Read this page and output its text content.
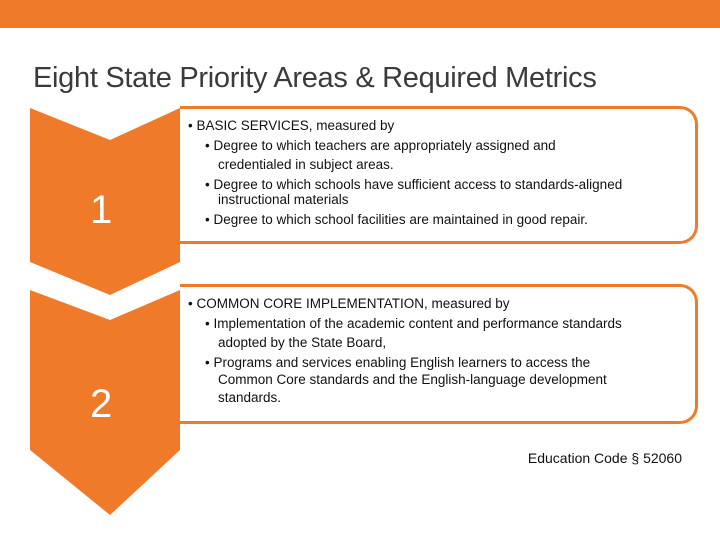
Eight State Priority Areas & Required Metrics
1
2
• BASIC SERVICES, measured by
• Degree to which teachers are appropriately assigned and
credentialed in subject areas.
• Degree to which schools have sufficient access to standards-aligned
instructional materials
• Degree to which school facilities are maintained in good repair.
• COMMON CORE IMPLEMENTATION, measured by
• Implementation of the academic content and performance standards
adopted by the State Board,
• Programs and services enabling English learners to access the
Common Core standards and the English-language development
standards.
Education Code § 52060
